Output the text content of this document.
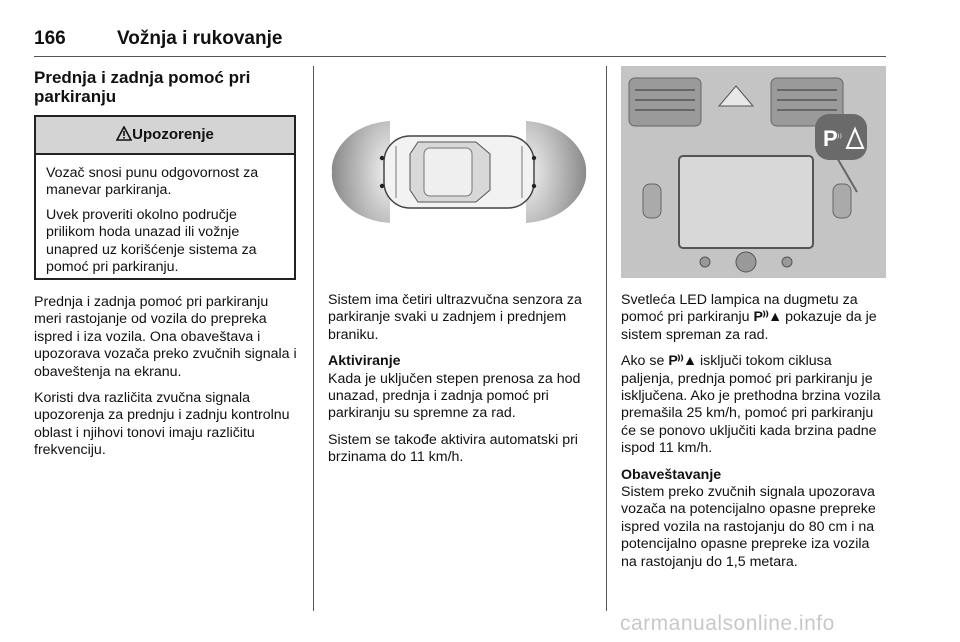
166	Vožnja i rukovanje
Prednja i zadnja pomoć pri parkiranju
Upozorenje

Vozač snosi punu odgovornost za manevar parkiranja.

Uvek proveriti okolno područje prilikom hoda unazad ili vožnje unapred uz korišćenje sistema za pomoć pri parkiranju.

Prednja i zadnja pomoć pri parkiranju meri rastojanje od vozila do prepreka ispred i iza vozila. Ona obaveštava i upozorava vozača preko zvučnih signala i obaveštenja na ekranu.

Koristi dva različita zvučna signala upozorenja za prednju i zadnju kontrolnu oblast i njihovi tonovi imaju različitu frekvenciju.

Sistem ima četiri ultrazvučna senzora za parkiranje svaki u zadnjem i prednjem braniku.

Aktiviranje

Kada je uključen stepen prenosa za hod unazad, prednja i zadnja pomoć pri parkiranju su spremne za rad.

Sistem se takođe aktivira automatski pri brzinama do 11 km/h.

P ⁾⁾

Svetleća LED lampica na dugmetu za pomoć pri parkiranju P⁾⁾▲ pokazuje da je sistem spreman za rad.

Ako se P⁾⁾▲ isključi tokom ciklusa paljenja, prednja pomoć pri parkiranju je isključena. Ako je prethodna brzina vozila premašila 25 km/h, pomoć pri parkiranju će se ponovo uključiti kada brzina padne ispod 11 km/h.

Obaveštavanje

Sistem preko zvučnih signala upozorava vozača na potencijalno opasne prepreke ispred vozila na rastojanju do 80 cm i na potencijalno opasne prepreke iza vozila na rastojanju do 1,5 metara.

carmanualsonline.info
